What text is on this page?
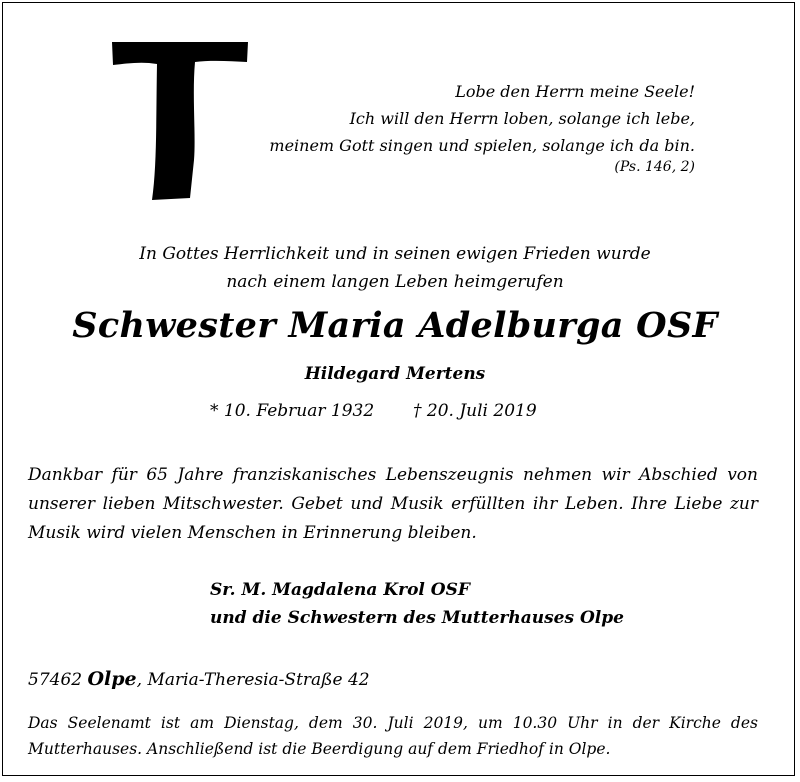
Lobe den Herrn meine Seele!
Ich will den Herrn loben, solange ich lebe,
meinem Gott singen und spielen, solange ich da bin.
(Ps. 146, 2)
In Gottes Herrlichkeit und in seinen ewigen Frieden wurde
nach einem langen Leben heimgerufen
Schwester Maria Adelburga OSF
Hildegard Mertens
* 10. Februar 1932 † 20. Juli 2019
Dankbar für 65 Jahre franziskanisches Lebenszeugnis nehmen wir Abschied von unserer lieben Mitschwester. Gebet und Musik erfüllten ihr Leben. Ihre Liebe zur Musik wird vielen Menschen in Erinnerung bleiben.
Sr. M. Magdalena Krol OSF
und die Schwestern des Mutterhauses Olpe
57462 Olpe, Maria-Theresia-Straße 42
Das Seelenamt ist am Dienstag, dem 30. Juli 2019, um 10.30 Uhr in der Kirche des Mutterhauses. Anschließend ist die Beerdigung auf dem Friedhof in Olpe.
